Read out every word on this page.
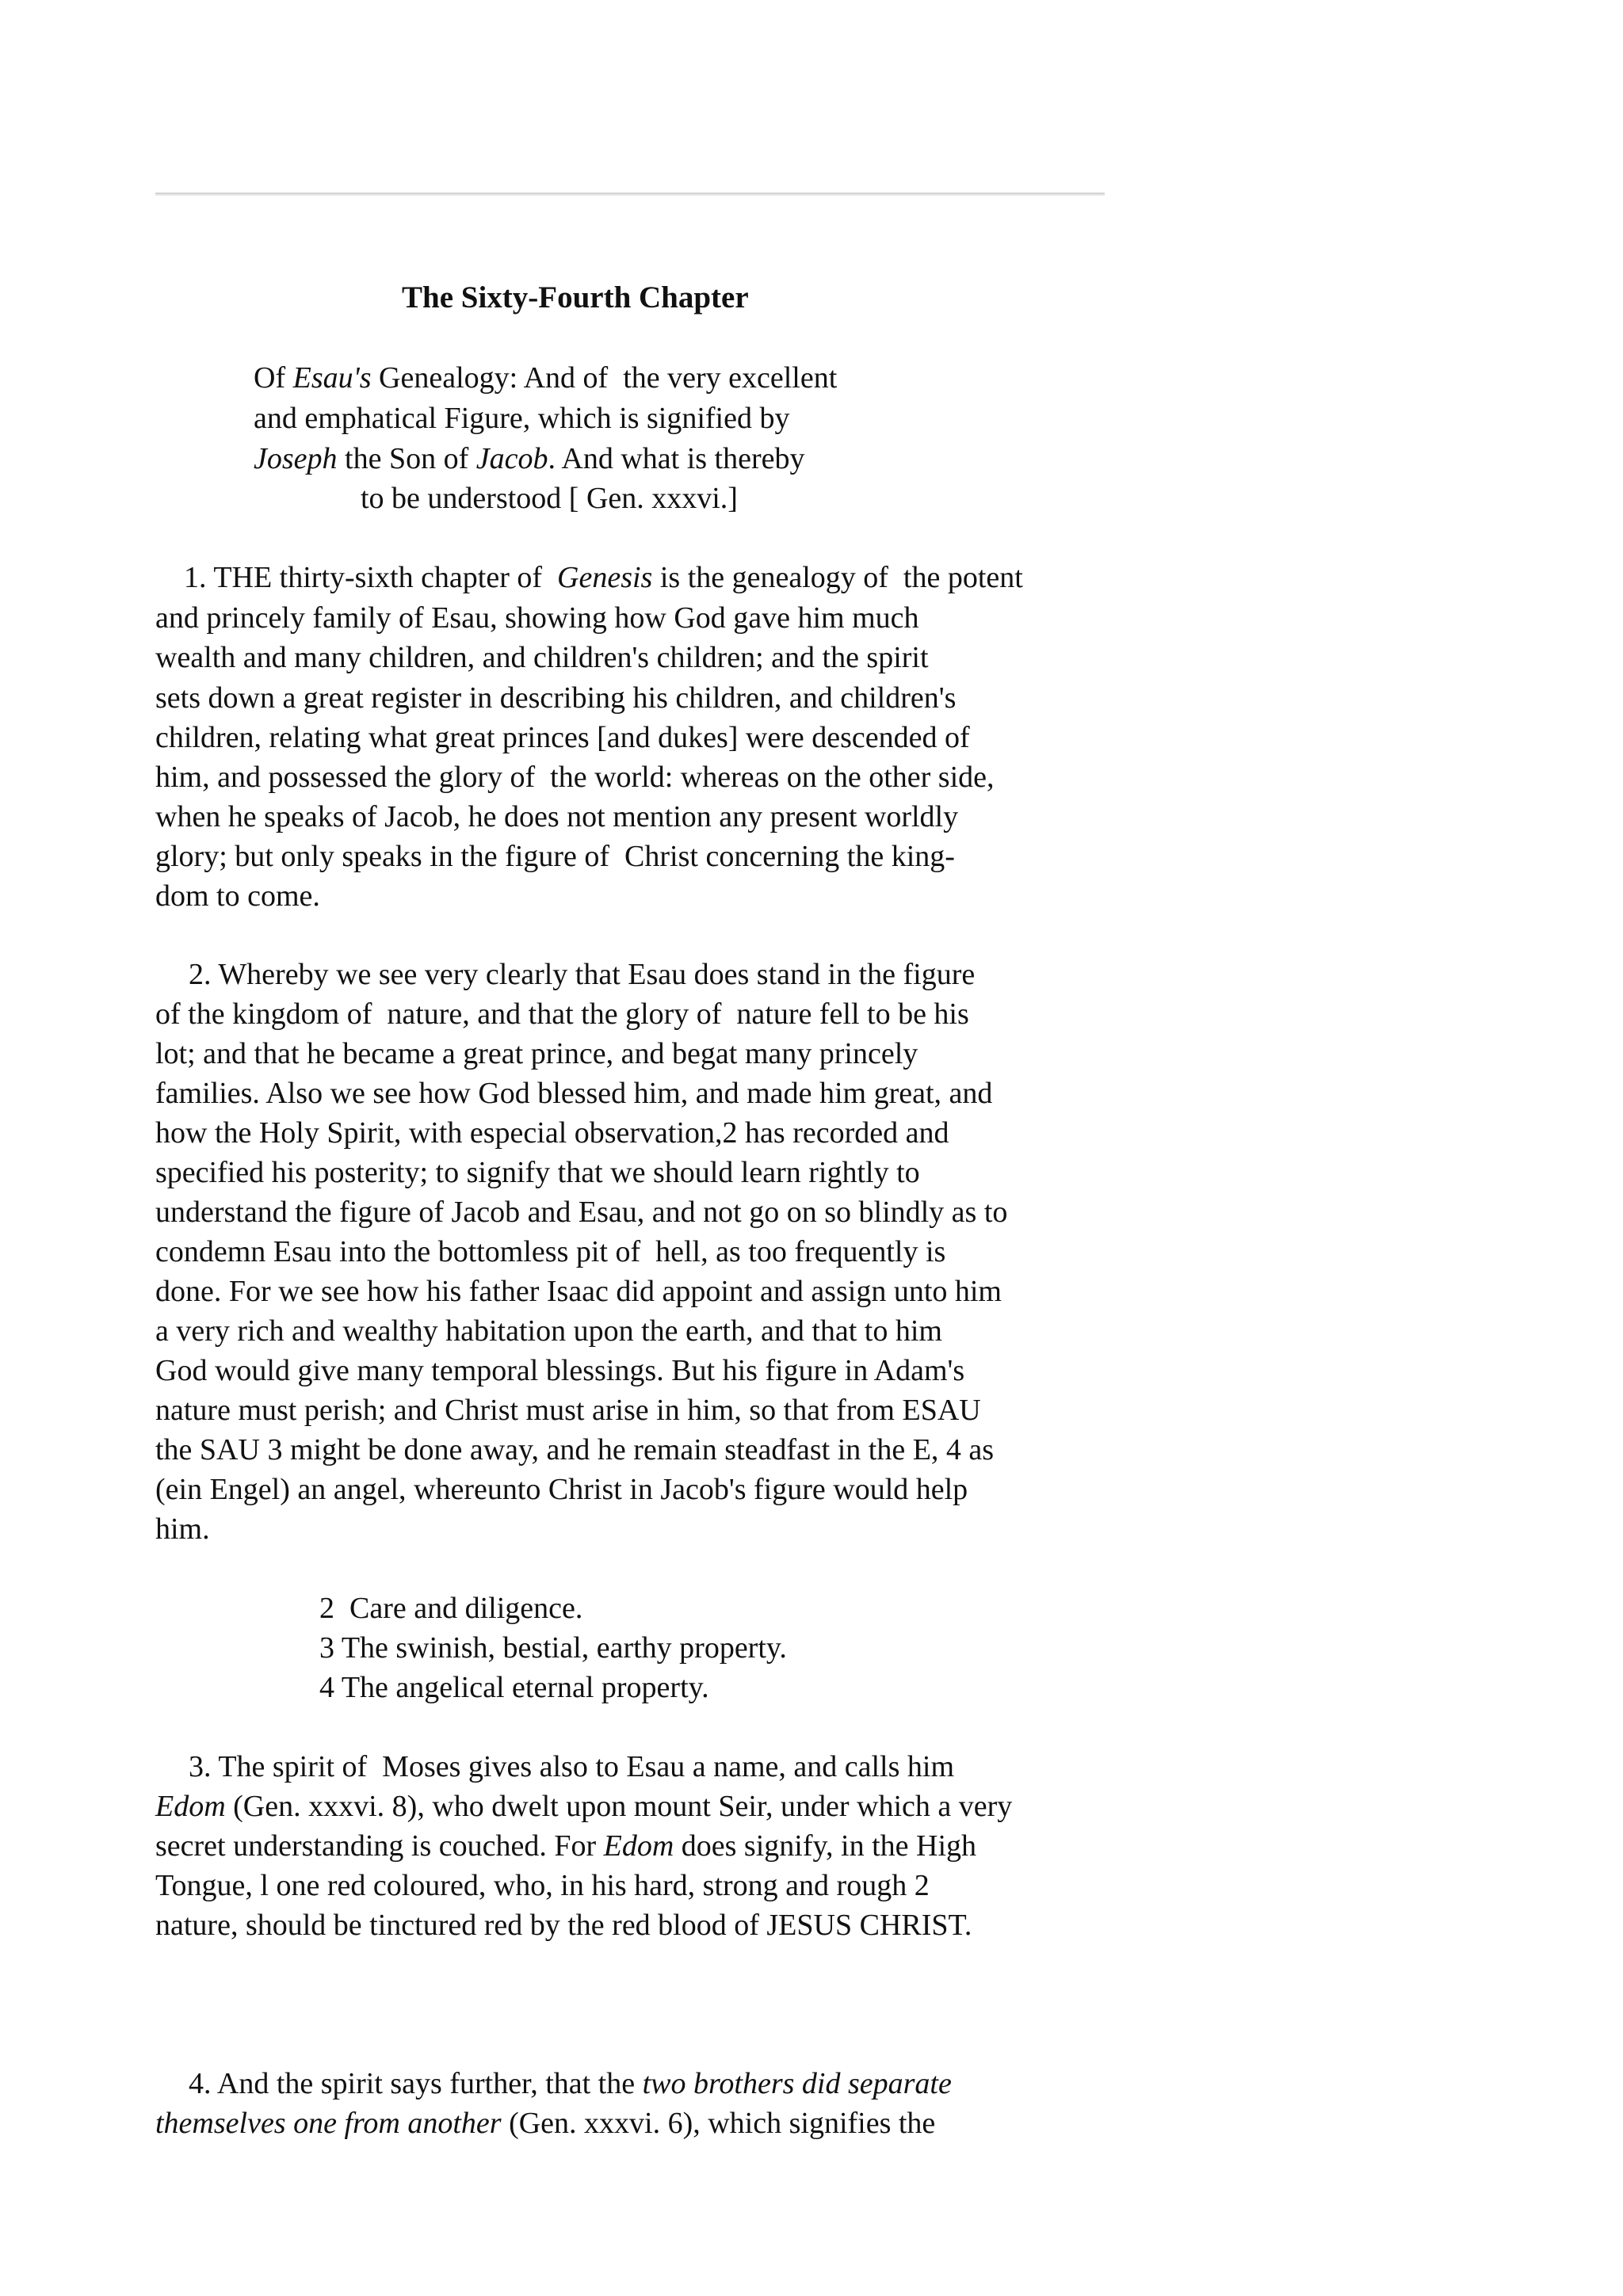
The Sixty-Fourth Chapter

Of Esau's Genealogy: And of  the very excellent

and emphatical Figure, which is signified by

Joseph the Son of Jacob. And what is thereby

to be understood [ Gen. xxxvi.]

1. THE thirty-sixth chapter of  Genesis is the genealogy of  the potent

and princely family of Esau, showing how God gave him much

wealth and many children, and children's children; and the spirit

sets down a great register in describing his children, and children's

children, relating what great princes [and dukes] were descended of

him, and possessed the glory of  the world: whereas on the other side,

when he speaks of Jacob, he does not mention any present worldly

glory; but only speaks in the figure of  Christ concerning the king-

dom to come.

2. Whereby we see very clearly that Esau does stand in the figure

of the kingdom of  nature, and that the glory of  nature fell to be his

lot; and that he became a great prince, and begat many princely

families. Also we see how God blessed him, and made him great, and

how the Holy Spirit, with especial observation,2 has recorded and

specified his posterity; to signify that we should learn rightly to

understand the figure of Jacob and Esau, and not go on so blindly as to

condemn Esau into the bottomless pit of  hell, as too frequently is

done. For we see how his father Isaac did appoint and assign unto him

a very rich and wealthy habitation upon the earth, and that to him

God would give many temporal blessings. But his figure in Adam's

nature must perish; and Christ must arise in him, so that from ESAU

the SAU 3 might be done away, and he remain steadfast in the E, 4 as

(ein Engel) an angel, whereunto Christ in Jacob's figure would help

him.

2  Care and diligence.

3 The swinish, bestial, earthy property.

4 The angelical eternal property.

3. The spirit of  Moses gives also to Esau a name, and calls him

Edom (Gen. xxxvi. 8), who dwelt upon mount Seir, under which a very

secret understanding is couched. For Edom does signify, in the High

Tongue, l one red coloured, who, in his hard, strong and rough 2

nature, should be tinctured red by the red blood of JESUS CHRIST.

4. And the spirit says further, that the two brothers did separate

themselves one from another (Gen. xxxvi. 6), which signifies the
